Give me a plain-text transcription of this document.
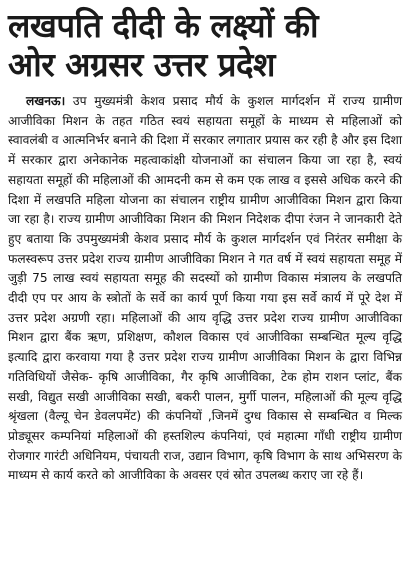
लखपति दीदी के लक्ष्यों की
ओर अग्रसर उत्तर प्रदेश

लखनऊ। उप मुख्यमंत्री केशव प्रसाद मौर्य के कुशल मार्गदर्शन में राज्य ग्रामीण आजीविका मिशन के तहत गठित स्वयं सहायता समूहों के माध्यम से महिलाओं को स्वावलंबी व आत्मनिर्भर बनाने की दिशा में सरकार लगातार प्रयास कर रही है और इस दिशा में सरकार द्वारा अनेकानेक महत्वाकांक्षी योजनाओं का संचालन किया जा रहा है, स्वयं सहायता समूहों की महिलाओं की आमदनी कम से कम एक लाख व इससे अधिक करने की दिशा में लखपति महिला योजना का संचालन राष्ट्रीय ग्रामीण आजीविका मिशन द्वारा किया जा रहा है। राज्य ग्रामीण आजीविका मिशन की मिशन निदेशक दीपा रंजन ने जानकारी देते हुए बताया कि उपमुख्यमंत्री केशव प्रसाद मौर्य के कुशल मार्गदर्शन एवं निरंतर समीक्षा के फलस्वरूप उत्तर प्रदेश राज्य ग्रामीण आजीविका मिशन ने गत वर्ष में स्वयं सहायता समूह में जुड़ी 75 लाख स्वयं सहायता समूह की सदस्यों को ग्रामीण विकास मंत्रालय के लखपति दीदी एप पर आय के स्त्रोतों के सर्वे का कार्य पूर्ण किया गया इस सर्वे कार्य में पूरे देश में उत्तर प्रदेश अग्रणी रहा। महिलाओं की आय वृद्धि उत्तर प्रदेश राज्य ग्रामीण आजीविका मिशन द्वारा बैंक ऋण, प्रशिक्षण, कौशल विकास एवं आजीविका सम्बन्धित मूल्य वृद्धि इत्यादि द्वारा करवाया गया है उत्तर प्रदेश राज्य ग्रामीण आजीविका मिशन के द्वारा विभिन्न गतिविधियों जैसेक- कृषि आजीविका, गैर कृषि आजीविका, टेक होम राशन प्लांट, बैंक सखी, विद्युत सखी आजीविका सखी, बकरी पालन, मुर्गी पालन, महिलाओं की मूल्य वृद्धि श्रृंखला (वैल्यू चेन डेवलपमेंट) की कंपनियों ,जिनमें दुग्ध विकास से सम्बन्धित व मिल्क प्रोड्यूसर कम्पनियां महिलाओं की हस्तशिल्प कंपनियां, एवं महात्मा गाँधी राष्ट्रीय ग्रामीण रोजगार गारंटी अधिनियम, पंचायती राज, उद्यान विभाग, कृषि विभाग के साथ अभिसरण के माध्यम से कार्य करते को आजीविका के अवसर एवं स्रोत उपलब्ध कराए जा रहे हैं।
